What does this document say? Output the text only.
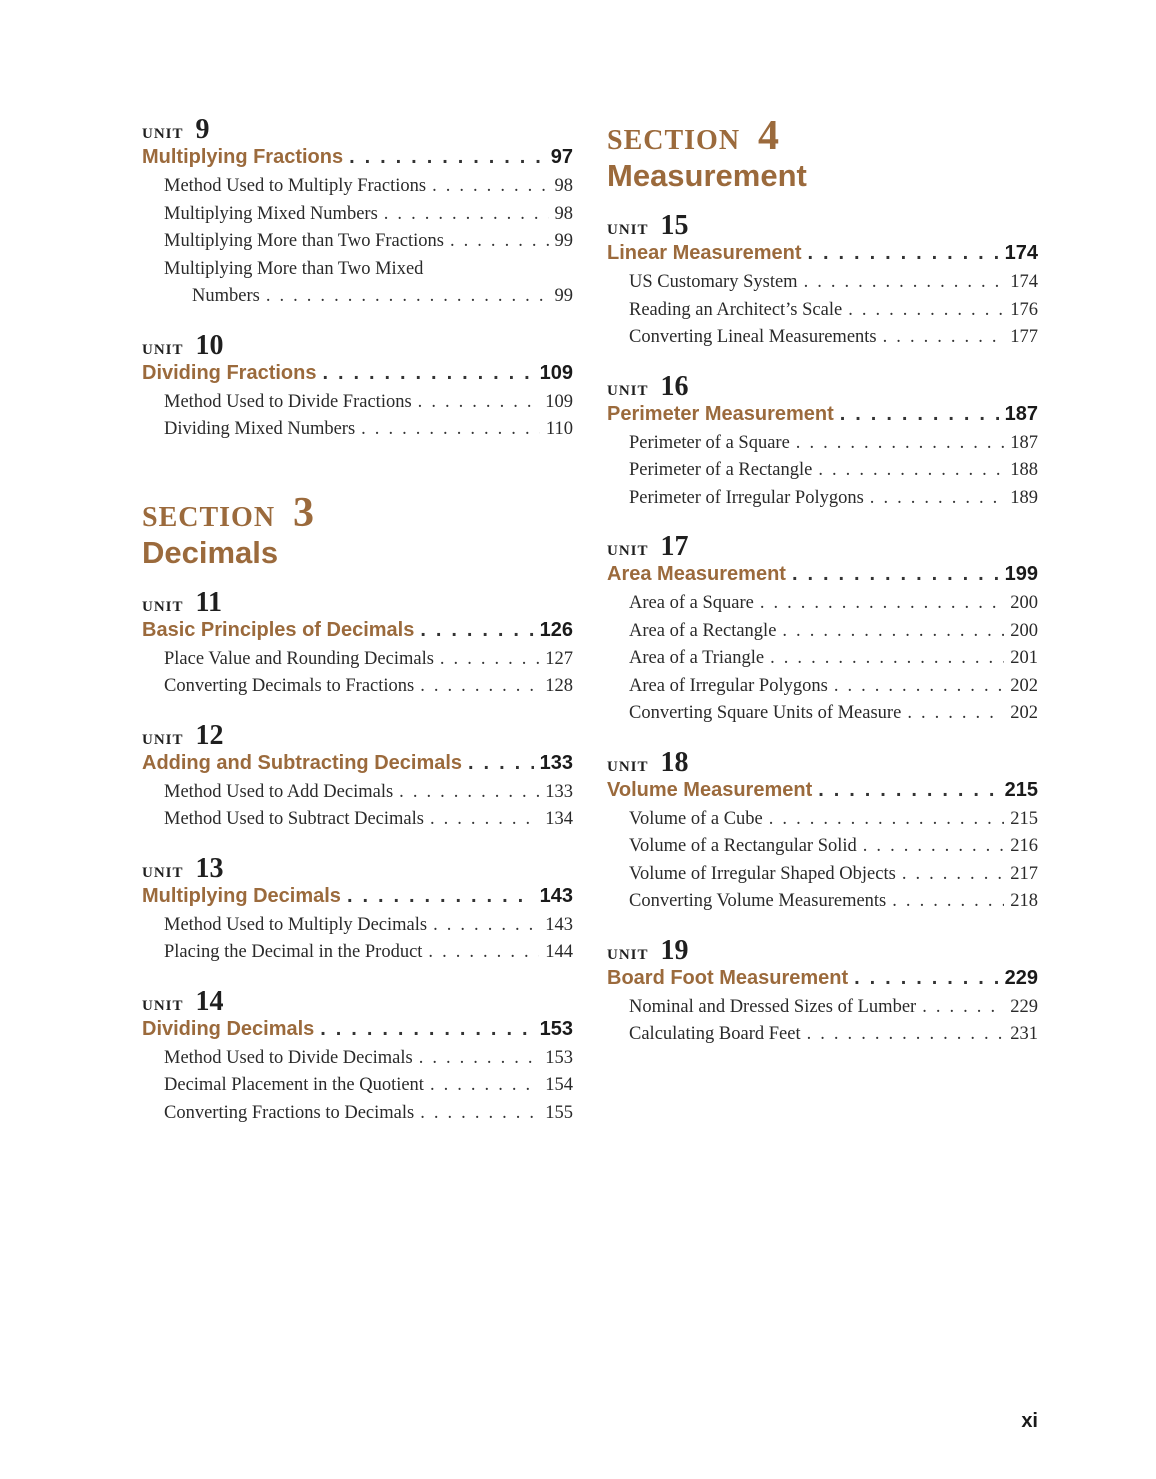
unit 9
Multiplying Fractions . . .	97
Method Used to Multiply Fractions . . .	98
Multiplying Mixed Numbers . . .	98
Multiplying More than Two Fractions . . .	99
Multiplying More than Two Mixed
Numbers . . .	99
unit 10
Dividing Fractions . . .	109
Method Used to Divide Fractions . . .	109
Dividing Mixed Numbers . . .	110
section 3
Decimals
unit 11
Basic Principles of Decimals . . .	126
Place Value and Rounding Decimals . . .	127
Converting Decimals to Fractions . . .	128
unit 12
Adding and Subtracting Decimals . . .	133
Method Used to Add Decimals . . .	133
Method Used to Subtract Decimals . . .	134
unit 13
Multiplying Decimals . . .	143
Method Used to Multiply Decimals . . .	143
Placing the Decimal in the Product . . .	144
unit 14
Dividing Decimals . . .	153
Method Used to Divide Decimals . . .	153
Decimal Placement in the Quotient . . .	154
Converting Fractions to Decimals . . .	155
section 4
Measurement
unit 15
Linear Measurement . . .	174
US Customary System . . .	174
Reading an Architect’s Scale . . .	176
Converting Lineal Measurements . . .	177
unit 16
Perimeter Measurement . . .	187
Perimeter of a Square . . .	187
Perimeter of a Rectangle . . .	188
Perimeter of Irregular Polygons . . .	189
unit 17
Area Measurement . . .	199
Area of a Square . . .	200
Area of a Rectangle . . .	200
Area of a Triangle . . .	201
Area of Irregular Polygons . . .	202
Converting Square Units of Measure . . .	202
unit 18
Volume Measurement . . .	215
Volume of a Cube . . .	215
Volume of a Rectangular Solid . . .	216
Volume of Irregular Shaped Objects . . .	217
Converting Volume Measurements . . .	218
unit 19
Board Foot Measurement . . .	229
Nominal and Dressed Sizes of Lumber . . .	229
Calculating Board Feet . . .	231
xi
